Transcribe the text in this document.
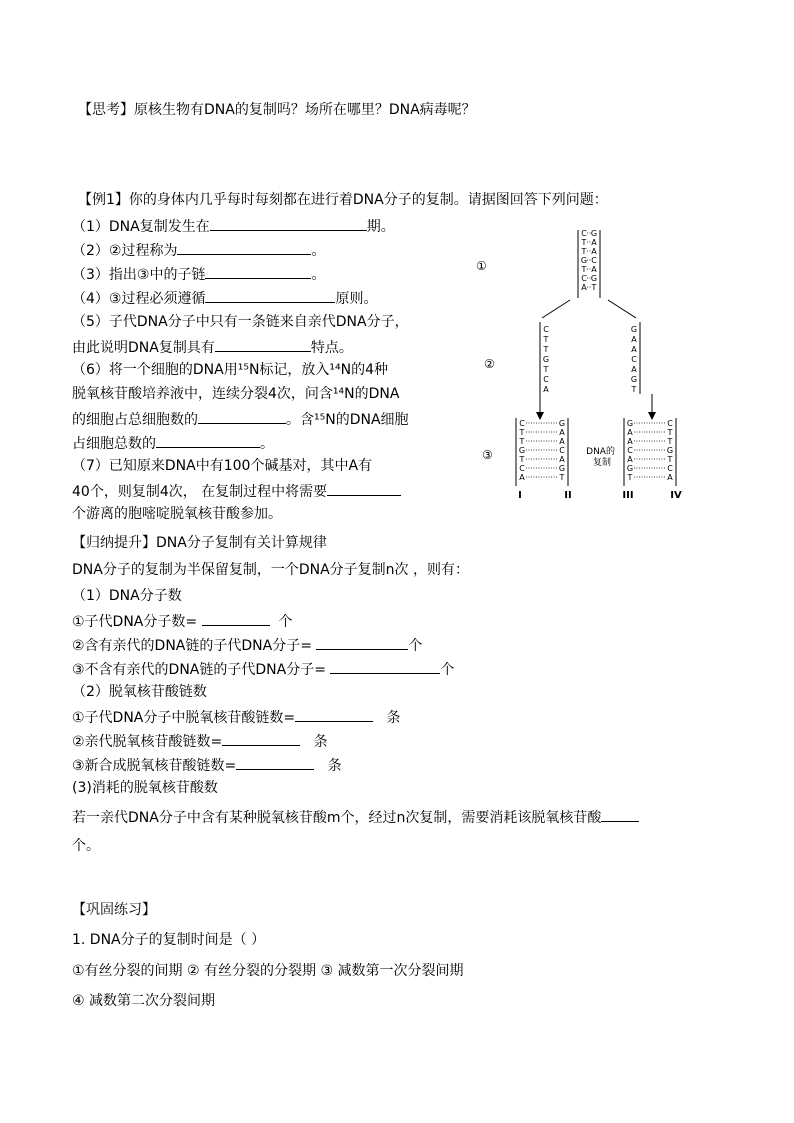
【思考】原核生物有DNA的复制吗？场所在哪里？DNA病毒呢？
【例1】你的身体内几乎每时每刻都在进行着DNA分子的复制。请据图回答下列问题：
（1）DNA复制发生在	期。
（2）②过程称为	。
（3）指出③中的子链	。
（4）③过程必须遵循	原则。
（5）子代DNA分子中只有一条链来自亲代DNA分子，
由此说明DNA复制具有	特点。
（6）将一个细胞的DNA用¹⁵N标记，放入¹⁴N的4种
脱氧核苷酸培养液中，连续分裂4次，问含¹⁴N的DNA
的细胞占总细胞数的	。含¹⁵N的DNA细胞
占细胞总数的	。
（7）已知原来DNA中有100个碱基对，其中A有
40个，则复制4次， 在复制过程中将需要
个游离的胞嘧啶脱氧核苷酸参加。
①
②
③
C
T
T
G
T
C
A
G
A
A
C
A
G
T
C
T
T
G
T
C
A
G
A
A
C
A
G
T
C
T
T
G
T
C
A
G
A
A
C
A
G
T
G
A
A
C
A
G
T
C
T
T
G
T
C
A
DNA的 复制
I	II	III	IV
【归纳提升】DNA分子复制有关计算规律
DNA分子的复制为半保留复制，一个DNA分子复制n次 ，则有：
（1）DNA分子数
①子代DNA分子数=	个
②含有亲代的DNA链的子代DNA分子=	个
③不含有亲代的DNA链的子代DNA分子=	个
（2）脱氧核苷酸链数
①子代DNA分子中脱氧核苷酸链数=	条
②亲代脱氧核苷酸链数=	条
③新合成脱氧核苷酸链数=	条
(3)消耗的脱氧核苷酸数
若一亲代DNA分子中含有某种脱氧核苷酸m个，经过n次复制，需要消耗该脱氧核苷酸
个。
【巩固练习】
1. DNA分子的复制时间是（ ）
①有丝分裂的间期 ② 有丝分裂的分裂期 ③ 减数第一次分裂间期
④ 减数第二次分裂间期
